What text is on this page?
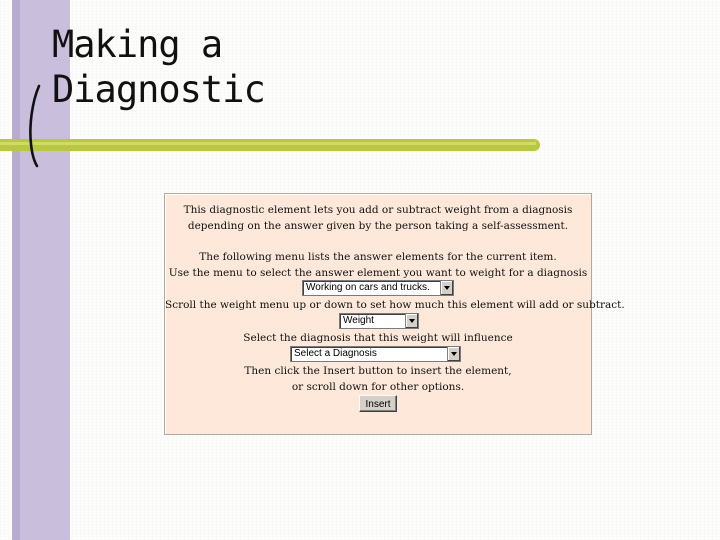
Making a
Diagnostic
This diagnostic element lets you add or subtract weight from a diagnosis
depending on the answer given by the person taking a self-assessment.
The following menu lists the answer elements for the current item.
Use the menu to select the answer element you want to weight for a diagnosis
Working on cars and trucks.
Scroll the weight menu up or down to set how much this element will add or subtract.
Weight
Select the diagnosis that this weight will influence
Select a Diagnosis
Then click the Insert button to insert the element,
or scroll down for other options.
Insert
